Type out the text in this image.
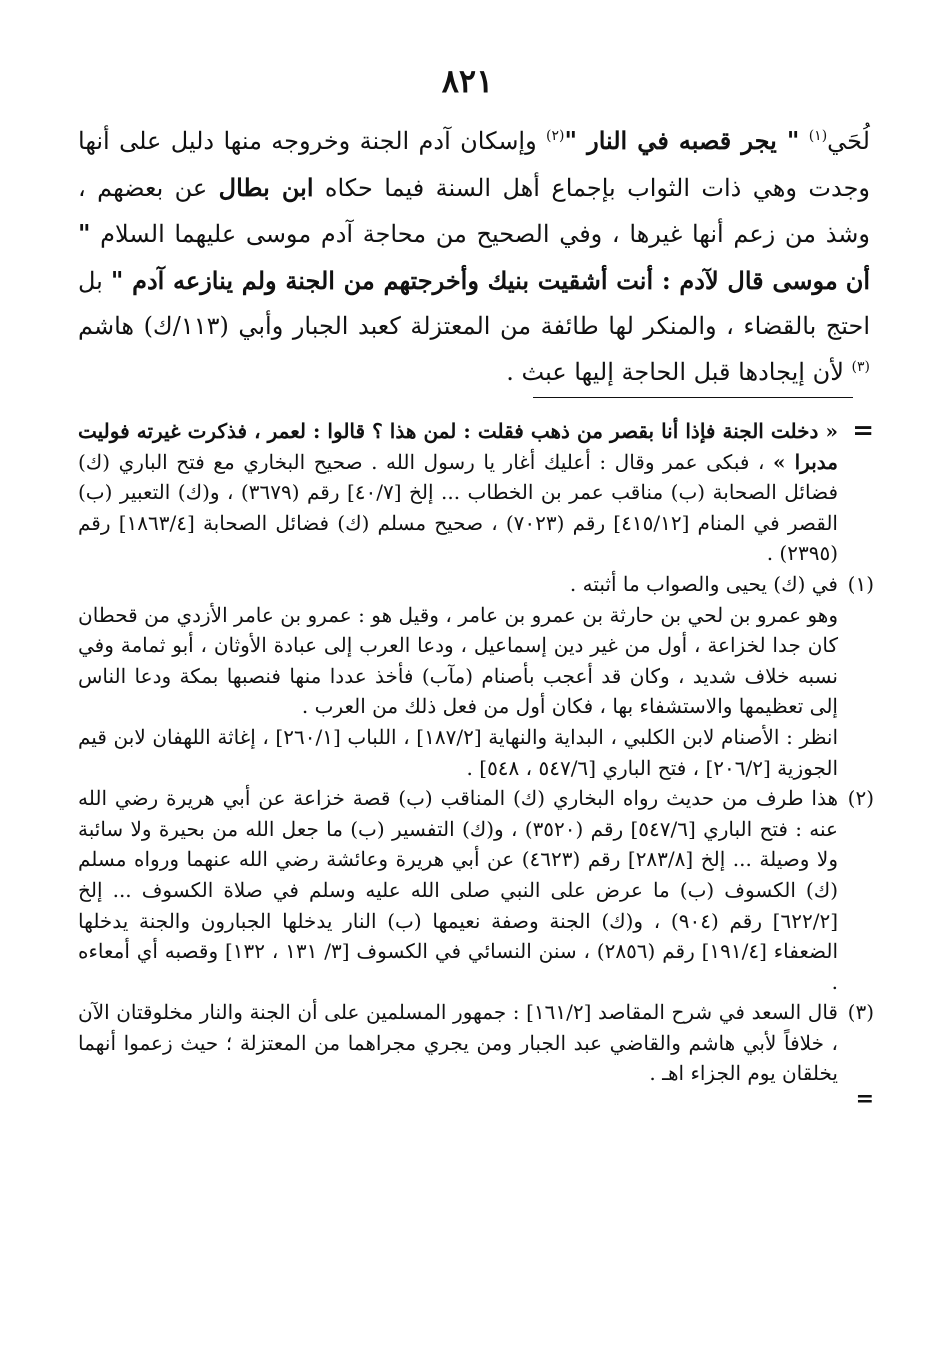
٨٢١

لُحَي$^{(١)}$ " يجر قصبه في النار "$^{(٢)}$ وإسكان آدم الجنة وخروجه منها دليل على أنها وجدت وهي ذات الثواب بإجماع أهل السنة فيما حكاه ابن بطال عن بعضهم ، وشذ من زعم أنها غيرها ، وفي الصحيح من محاجة آدم موسى عليهما السلام " أن موسى قال لآدم : أنت أشقيت بنيك وأخرجتهم من الجنة ولم ينازعه آدم " بل احتج بالقضاء ، والمنكر لها طائفة من المعتزلة كعبد الجبار وأبي (١١٣/ك) هاشم $^{(٣)}$ لأن إيجادها قبل الحاجة إليها عبث .

=

« دخلت الجنة فإذا أنا بقصر من ذهب فقلت : لمن هذا ؟ قالوا : لعمر ، فذكرت غيرته فوليت مدبرا » ، فبكى عمر وقال : أعليك أغار يا رسول الله . صحيح البخاري مع فتح الباري (ك) فضائل الصحابة (ب) مناقب عمر بن الخطاب ... إلخ [٤٠/٧] رقم (٣٦٧٩) ، و(ك) التعبير (ب) القصر في المنام [٤١٥/١٢] رقم (٧٠٢٣) ، صحيح مسلم (ك) فضائل الصحابة [١٨٦٣/٤] رقم (٢٣٩٥) .

(١)

في (ك) يحيى والصواب ما أثبته .

وهو عمرو بن لحي بن حارثة بن عمرو بن عامر ، وقيل هو : عمرو بن عامر الأزدي من قحطان كان جدا لخزاعة ، أول من غير دين إسماعيل ، ودعا العرب إلى عبادة الأوثان ، أبو ثمامة وفي نسبه خلاف شديد ، وكان قد أعجب بأصنام (مآب) فأخذ عددا منها فنصبها بمكة ودعا الناس إلى تعظيمها والاستشفاء بها ، فكان أول من فعل ذلك من العرب .

انظر : الأصنام لابن الكلبي ، البداية والنهاية [١٨٧/٢] ، اللباب [٢٦٠/١] ، إغاثة اللهفان لابن قيم الجوزية [٢٠٦/٢] ، فتح الباري [٥٤٧/٦ ، ٥٤٨] .

(٢)

هذا طرف من حديث رواه البخاري (ك) المناقب (ب) قصة خزاعة عن أبي هريرة رضي الله عنه : فتح الباري [٥٤٧/٦] رقم (٣٥٢٠) ، و(ك) التفسير (ب) ما جعل الله من بحيرة ولا سائبة ولا وصيلة ... إلخ [٢٨٣/٨] رقم (٤٦٢٣) عن أبي هريرة وعائشة رضي الله عنهما ورواه مسلم (ك) الكسوف (ب) ما عرض على النبي صلى الله عليه وسلم في صلاة الكسوف ... إلخ [٦٢٢/٢] رقم (٩٠٤) ، و(ك) الجنة وصفة نعيمها (ب) النار يدخلها الجبارون والجنة يدخلها الضعفاء [١٩١/٤] رقم (٢٨٥٦) ، سنن النسائي في الكسوف [٣/ ١٣١ ، ١٣٢] وقصبه أي أمعاءه .

(٣)

قال السعد في شرح المقاصد [١٦١/٢] : جمهور المسلمين على أن الجنة والنار مخلوقتان الآن ، خلافاً لأبي هاشم والقاضي عبد الجبار ومن يجري مجراهما من المعتزلة ؛ حيث زعموا أنهما يخلقان يوم الجزاء اهـ .

=
